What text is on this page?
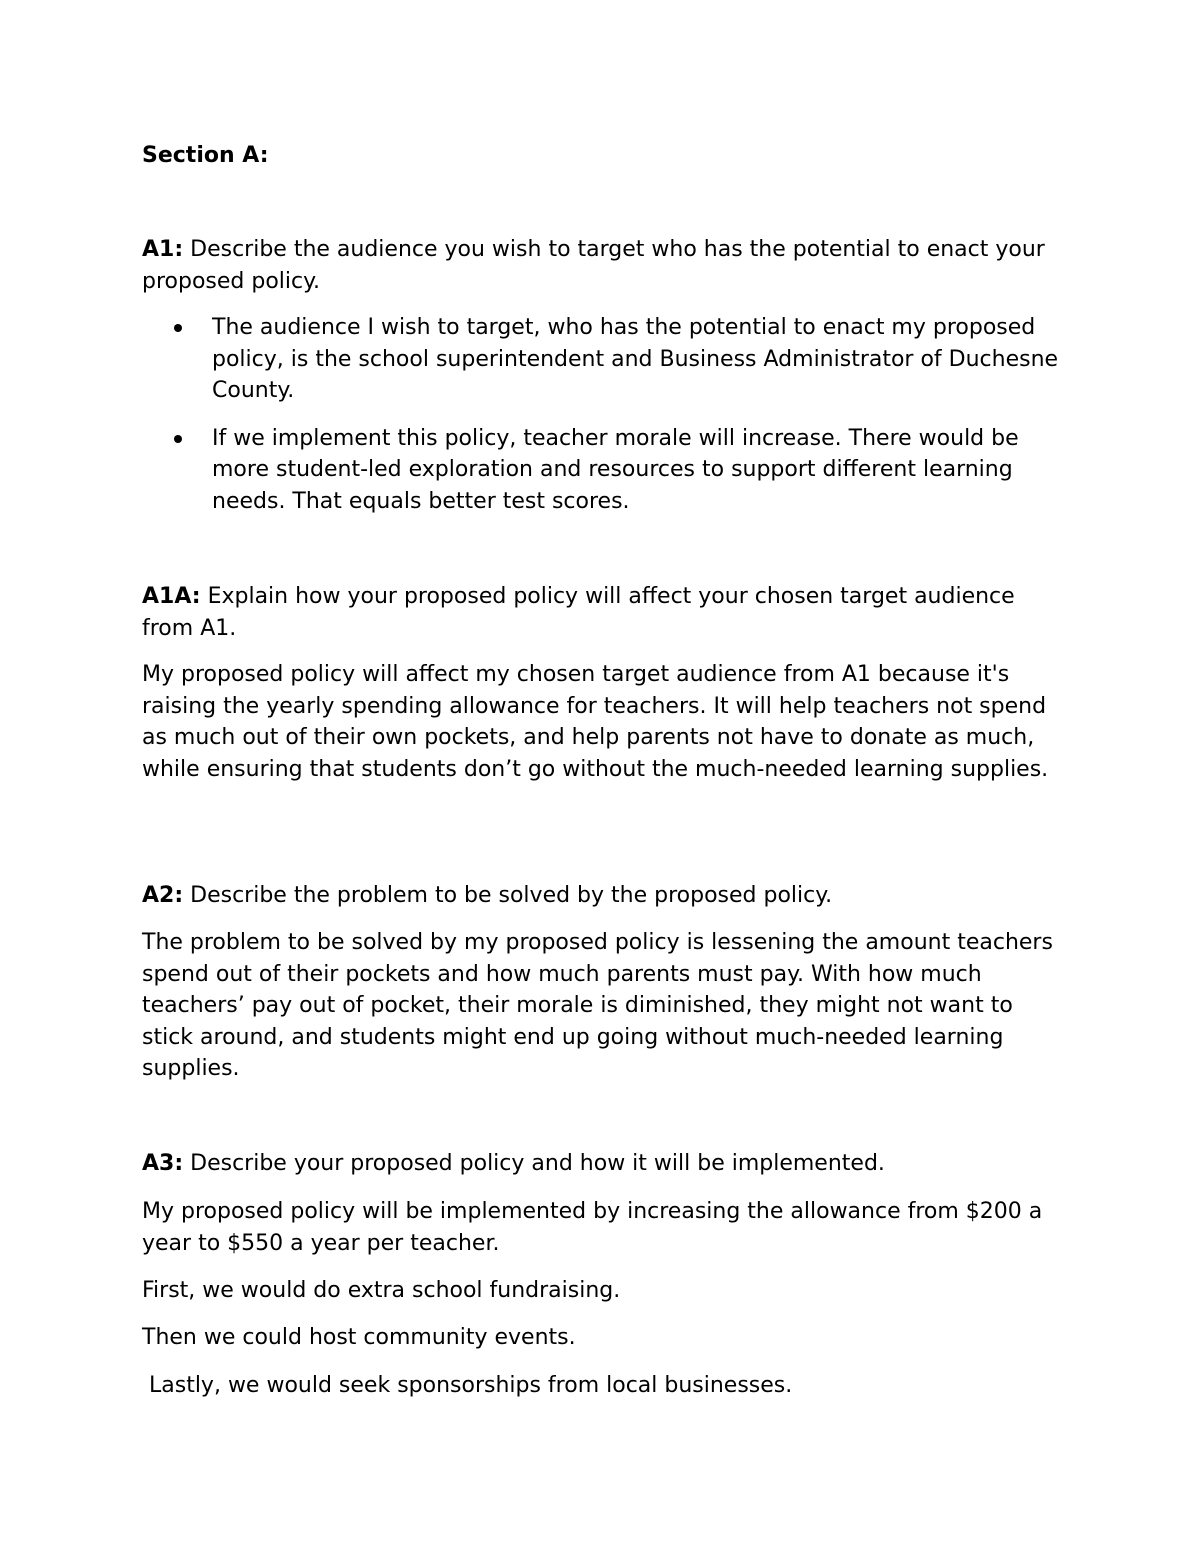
Section A:

A1: Describe the audience you wish to target who has the potential to enact your proposed policy.

The audience I wish to target, who has the potential to enact my proposed policy, is the school superintendent and Business Administrator of Duchesne County.
If we implement this policy, teacher morale will increase. There would be more student-led exploration and resources to support different learning needs. That equals better test scores.

A1A: Explain how your proposed policy will affect your chosen target audience from A1.

My proposed policy will affect my chosen target audience from A1 because it's raising the yearly spending allowance for teachers. It will help teachers not spend as much out of their own pockets, and help parents not have to donate as much, while ensuring that students don’t go without the much-needed learning supplies.

A2: Describe the problem to be solved by the proposed policy.

The problem to be solved by my proposed policy is lessening the amount teachers spend out of their pockets and how much parents must pay. With how much teachers’ pay out of pocket, their morale is diminished, they might not want to stick around, and students might end up going without much-needed learning supplies.

A3: Describe your proposed policy and how it will be implemented.

My proposed policy will be implemented by increasing the allowance from $200 a year to $550 a year per teacher.

First, we would do extra school fundraising.

Then we could host community events.

Lastly, we would seek sponsorships from local businesses.
